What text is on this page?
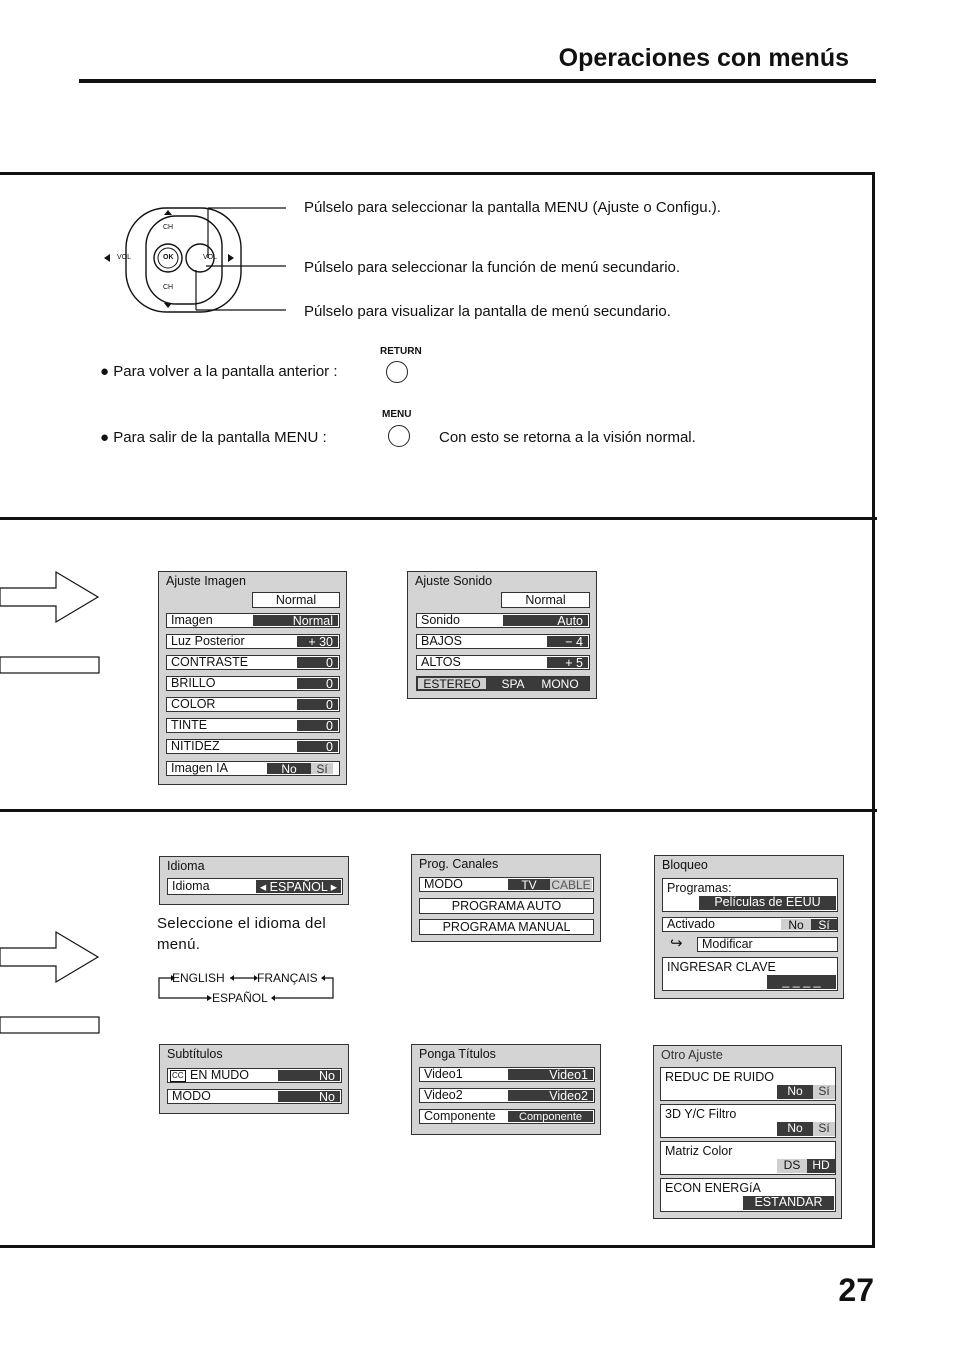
Operaciones con menús
CH
CH
OK
VOL	VOL
Púlselo para seleccionar la pantalla MENU (Ajuste o Configu.).
Púlselo para seleccionar la función de menú secundario.
Púlselo para visualizar la pantalla de menú secundario.
● Para volver a la pantalla anterior :
RETURN
● Para salir de la pantalla MENU :
MENU
Con esto se retorna a la visión normal.
Ajuste Imagen
Normal
Imagen	Normal
Luz Posterior	+ 30
CONTRASTE	0
BRILLO	0
COLOR	0
TINTE	0
NITIDEZ	0
Imagen IA	No	Sí
Ajuste Sonido
Normal
Sonido	Auto
BAJOS	− 4
ALTOS	+ 5
ESTEREO	SPA	MONO
Idioma
Idioma	◂ ESPAÑOL ▸
Seleccione el idioma del menú.
ENGLISH	FRANÇAIS
ESPAÑOL
Prog. Canales
MODO	TV	CABLE
PROGRAMA AUTO
PROGRAMA MANUAL
Bloqueo
Programas:
Películas de EEUU
Activado	No	Sí
↪ Modificar
INGRESAR CLAVE
_ _ _ _
Subtítulos
CC EN MUDO	No
MODO	No
Ponga Títulos
Video1	Video1
Video2	Video2
Componente	Componente
Otro Ajuste
REDUC DE RUIDO
No	Sí
3D Y/C Filtro
No	Sí
Matriz Color
DS	HD
ECON ENERGíA
ESTÁNDAR
27
